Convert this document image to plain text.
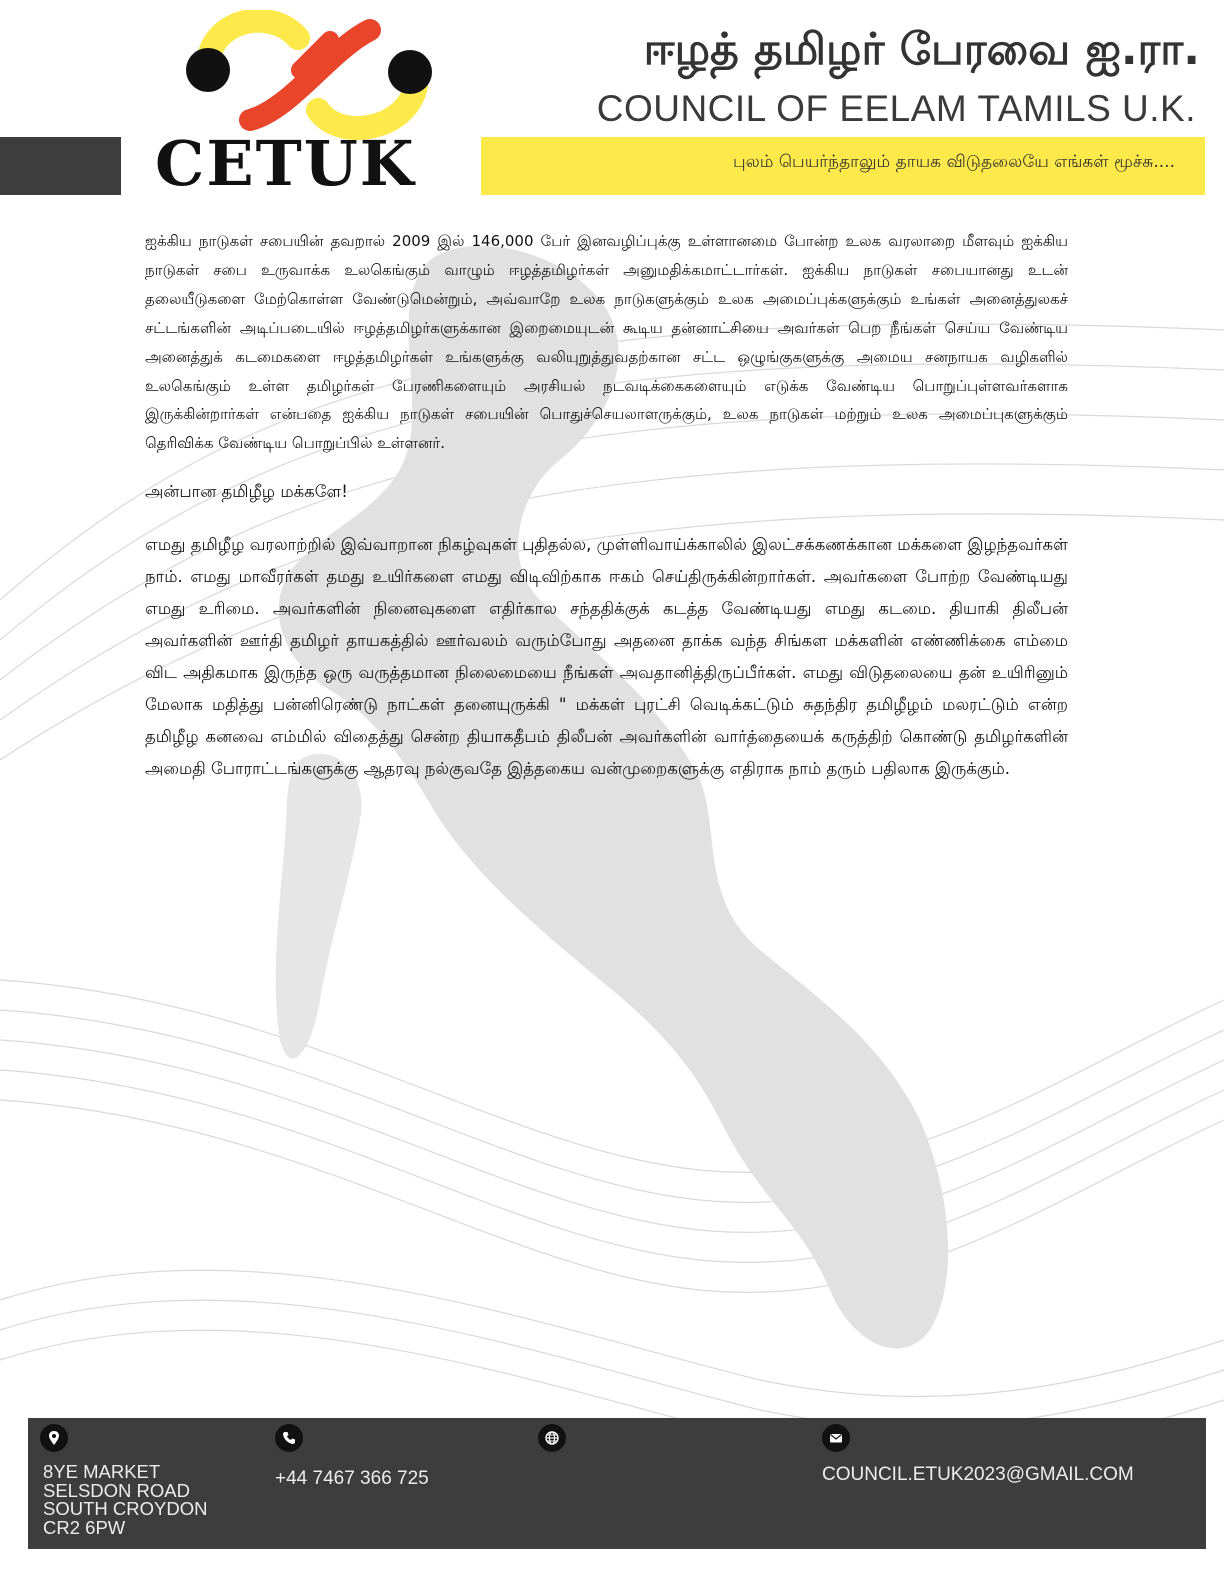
CETUK
ஈழத் தமிழர் பேரவை ஐ.ரா.
COUNCIL OF EELAM TAMILS U.K.
புலம் பெயர்ந்தாலும் தாயக விடுதலையே எங்கள் மூச்சு....

ஐக்கிய நாடுகள் சபையின் தவறால் 2009 இல் 146,000 பேர் இனவழிப்புக்கு உள்ளானமை போன்ற உலக வரலாறை மீளவும் ஐக்கிய நாடுகள் சபை உருவாக்க உலகெங்கும் வாழும் ஈழத்தமிழர்கள் அனுமதிக்கமாட்டார்கள். ஐக்கிய நாடுகள் சபையானது உடன் தலையீடுகளை மேற்கொள்ள வேண்டுமென்றும், அவ்வாறே உலக நாடுகளுக்கும் உலக அமைப்புக்களுக்கும் உங்கள் அனைத்துலகச் சட்டங்களின் அடிப்படையில் ஈழத்தமிழர்களுக்கான இறைமையுடன் கூடிய தன்னாட்சியை அவர்கள் பெற நீங்கள் செய்ய வேண்டிய அனைத்துக் கடமைகளை ஈழத்தமிழர்கள் உங்களுக்கு வலியுறுத்துவதற்கான சட்ட ஒழுங்குகளுக்கு அமைய சனநாயக வழிகளில் உலகெங்கும் உள்ள தமிழர்கள் பேரணிகளையும் அரசியல் நடவடிக்கைகளையும் எடுக்க வேண்டிய பொறுப்புள்ளவர்களாக இருக்கின்றார்கள் என்பதை ஐக்கிய நாடுகள் சபையின் பொதுச்செயலாளருக்கும், உலக நாடுகள் மற்றும் உலக அமைப்புகளுக்கும் தெரிவிக்க வேண்டிய பொறுப்பில் உள்ளனர்.

அன்பான தமிழீழ மக்களே!

எமது தமிழீழ வரலாற்றில் இவ்வாறான நிகழ்வுகள் புதிதல்ல, முள்ளிவாய்க்காலில் இலட்சக்கணக்கான மக்களை இழந்தவர்கள் நாம். எமது மாவீரர்கள் தமது உயிர்களை எமது விடிவிற்காக ஈகம் செய்திருக்கின்றார்கள். அவர்களை போற்ற வேண்டியது எமது உரிமை. அவர்களின் நினைவுகளை எதிர்கால சந்ததிக்குக் கடத்த வேண்டியது எமது கடமை. தியாகி திலீபன் அவர்களின் ஊர்தி தமிழர் தாயகத்தில் ஊர்வலம் வரும்போது அதனை தாக்க வந்த சிங்கள மக்களின் எண்ணிக்கை எம்மை விட அதிகமாக இருந்த ஒரு வருத்தமான நிலைமையை நீங்கள் அவதானித்திருப்பீர்கள். எமது விடுதலையை தன் உயிரினும் மேலாக மதித்து பன்னிரெண்டு நாட்கள் தனையுருக்கி " மக்கள் புரட்சி வெடிக்கட்டும் சுதந்திர தமிழீழம் மலரட்டும் என்ற தமிழீழ கனவை எம்மில் விதைத்து சென்ற தியாகதீபம் திலீபன் அவர்களின் வார்த்தையைக் கருத்திற் கொண்டு தமிழர்களின் அமைதி போராட்டங்களுக்கு ஆதரவு நல்குவதே இத்தகைய வன்முறைகளுக்கு எதிராக நாம் தரும் பதிலாக இருக்கும்.

8YE MARKET
SELSDON ROAD
SOUTH CROYDON
CR2 6PW
+44 7467 366 725	COUNCIL.ETUK2023@GMAIL.COM
